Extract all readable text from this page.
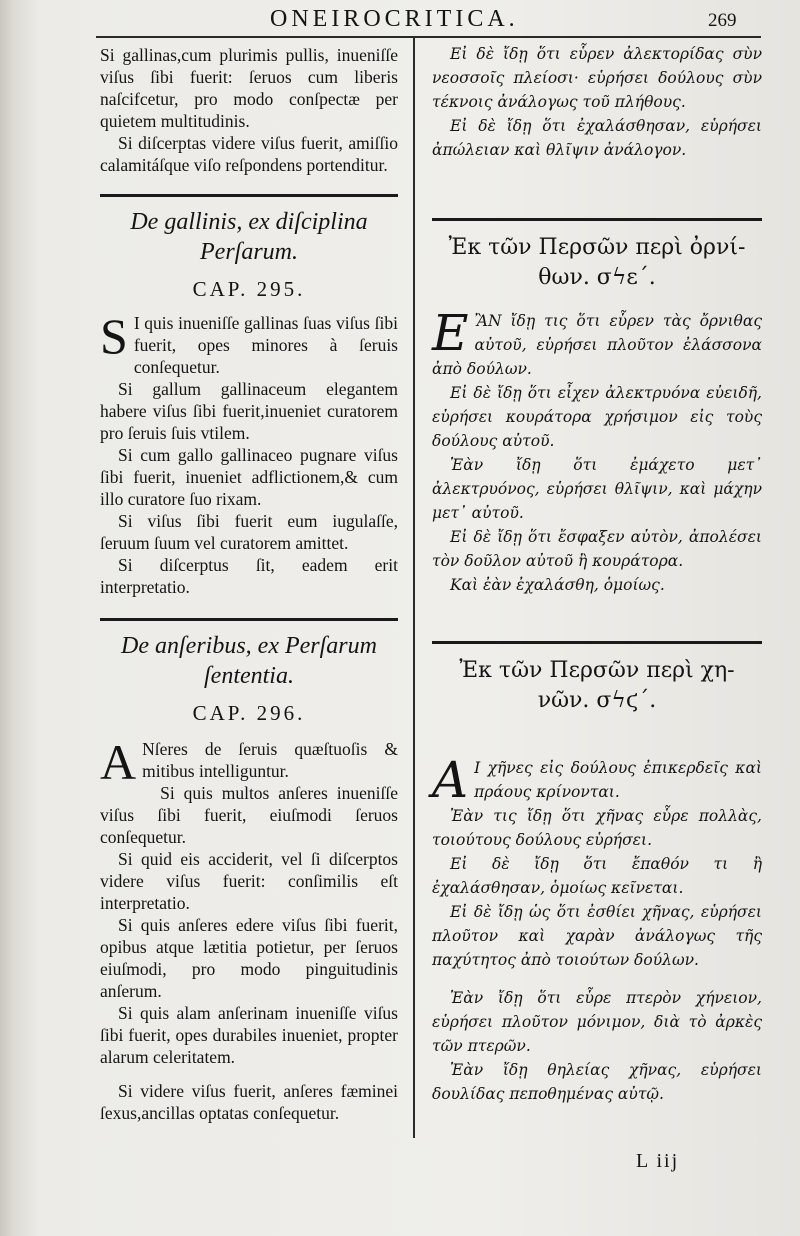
ONEIROCRITICA.	269

Si gallinas,cum plurimis pullis, inueniſſe viſus ſibi fuerit: ſeruos cum liberis naſcifcetur, pro modo conſpectæ per quietem multitudinis.

Si diſcerptas videre viſus fuerit, amiſſio calamitáſque viſo reſpondens portenditur.

De gallinis, ex diſciplina

Perſarum.

CAP. 295.

S I quis inueniſſe gallinas ſuas viſus ſibi fuerit, opes minores à ſeruis conſequetur.

Si gallum gallinaceum elegantem habere viſus ſibi fuerit,inueniet curatorem pro ſeruis ſuis vtilem.

Si cum gallo gallinaceo pugnare viſus ſibi fuerit, inueniet adflictionem,& cum illo curatore ſuo rixam.

Si viſus ſibi fuerit eum iugulaſſe, ſeruum ſuum vel curatorem amittet.

Si diſcerptus ſit, eadem erit interpretatio.

De anſeribus, ex Perſarum

ſententia.

CAP. 296.

A Nſeres de ſeruis quæſtuoſis & mitibus intelliguntur.

Si quis multos anſeres inueniſſe viſus ſibi fuerit, eiuſmodi ſeruos conſequetur.

Si quid eis acciderit, vel ſi diſcerptos videre viſus fuerit: conſimilis eſt interpretatio.

Si quis anſeres edere viſus ſibi fuerit, opibus atque lætitia potietur, per ſeruos eiuſmodi, pro modo pinguitudinis anſerum.

Si quis alam anſerinam inueniſſe viſus ſibi fuerit, opes durabiles inueniet, propter alarum celeritatem.

Si videre viſus fuerit, anſeres fæminei ſexus,ancillas optatas conſequetur.

Εἰ δὲ ἴδῃ ὅτι εὗρεν ἀλεκτορίδας σὺν νεοσσοῖς πλείοσι· εὑρήσει δούλους σὺν τέκνοις ἀνάλογως τοῦ πλήθους.

Εἰ δὲ ἴδῃ ὅτι ἐχαλάσθησαν, εὑρήσει ἀπώλειαν καὶ θλῖψιν ἀνάλογον.

Ἐκ τῶν Περσῶν περὶ ὀρνί-

θων. σϟε´.

ΕἊΝ ἴδῃ τις ὅτι εὗρεν τὰς ὄρνιθας αὐτοῦ, εὑρήσει πλοῦτον ἐλάσσονα ἀπὸ δούλων.

Εἰ δὲ ἴδῃ ὅτι εἶχεν ἀλεκτρυόνα εὐειδῆ, εὑρήσει κουράτορα χρήσιμον εἰς τοὺς δούλους αὐτοῦ.

Ἐὰν ἴδῃ ὅτι ἐμάχετο μετ᾽ ἀλεκτρυόνος, εὑρήσει θλῖψιν, καὶ μάχην μετ᾽ αὐτοῦ.

Εἰ δὲ ἴδῃ ὅτι ἔσφαξεν αὐτὸν, ἀπολέσει τὸν δοῦλον αὐτοῦ ἢ κουράτορα.

Καὶ ἐὰν ἐχαλάσθη, ὁμοίως.

Ἐκ τῶν Περσῶν περὶ χη-

νῶν. σϟϛ´.

Α Ι χῆνες εἰς δούλους ἐπικερδεῖς καὶ πράους κρίνονται.

Ἐὰν τις ἴδῃ ὅτι χῆνας εὗρε πολλὰς, τοιούτους δούλους εὑρήσει.

Εἰ δὲ ἴδῃ ὅτι ἔπαθόν τι ἢ ἐχαλάσθησαν, ὁμοίως κεῖνεται.

Εἰ δὲ ἴδῃ ὡς ὅτι ἐσθίει χῆνας, εὑρήσει πλοῦτον καὶ χαρὰν ἀνάλογως τῆς παχύτητος ἀπὸ τοιούτων δούλων.

Ἐὰν ἴδῃ ὅτι εὗρε πτερὸν χήνειον, εὑρήσει πλοῦτον μόνιμον, διὰ τὸ ἀρκὲς τῶν πτερῶν.

Ἐὰν ἴδῃ θηλείας χῆνας, εὑρήσει δουλίδας πεποθημένας αὐτῷ.

L iij
